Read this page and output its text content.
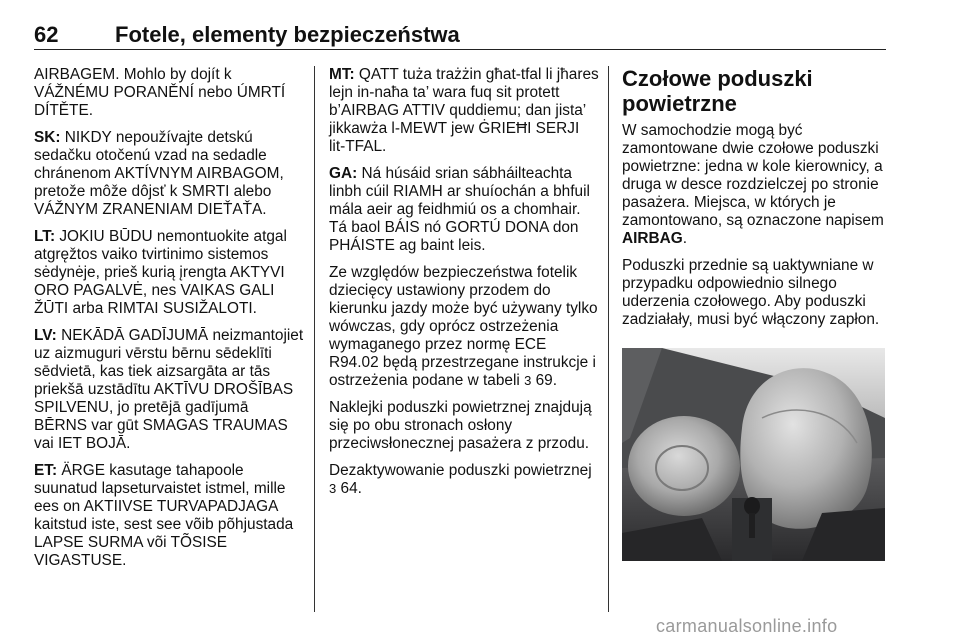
62	Fotele, elementy bezpieczeństwa

AIRBAGEM. Mohlo by dojít k VÁŽNÉMU PORANĚNÍ nebo ÚMRTÍ DÍTĚTE.

SK: NIKDY nepoužívajte detskú sedačku otočenú vzad na sedadle chránenom AKTÍVNYM AIRBAGOM, pretože môže dôjsť k SMRTI alebo VÁŽNYM ZRANENIAM DIEŤAŤA.

LT: JOKIU BŪDU nemontuokite atgal atgręžtos vaiko tvirtinimo sistemos sėdynėje, prieš kurią įrengta AKTYVI ORO PAGALVĖ, nes VAIKAS GALI ŽŪTI arba RIMTAI SUSIŽALOTI.

LV: NEKĀDĀ GADĪJUMĀ neizmantojiet uz aizmuguri vērstu bērnu sēdeklīti sēdvietā, kas tiek aizsargāta ar tās priekšā uzstādītu AKTĪVU DROŠĪBAS SPILVENU, jo pretējā gadījumā BĒRNS var gūt SMAGAS TRAUMAS vai IET BOJĀ.

ET: ÄRGE kasutage tahapoole suunatud lapseturvaistet istmel, mille ees on AKTIIVSE TURVAPADJAGA kaitstud iste, sest see võib põhjustada LAPSE SURMA või TÕSISE VIGASTUSE.

MT: QATT tuża trażżin għat-tfal li jħares lejn in-naħa ta’ wara fuq sit protett b’AIRBAG ATTIV quddiemu; dan jista’ jikkawża l-MEWT jew ĠRIEĦI SERJI lit-TFAL.

GA: Ná húsáid srian sábháilteachta linbh cúil RIAMH ar shuíochán a bhfuil mála aeir ag feidhmiú os a chomhair. Tá baol BÁIS nó GORTÚ DONA don PHÁISTE ag baint leis.

Ze względów bezpieczeństwa fotelik dziecięcy ustawiony przodem do kierunku jazdy może być używany tylko wówczas, gdy oprócz ostrzeżenia wymaganego przez normę ECE R94.02 będą przestrzegane instrukcje i ostrzeżenia podane w tabeli 3 69.

Naklejki poduszki powietrznej znajdują się po obu stronach osłony przeciwsłonecznej pasażera z przodu.

Dezaktywowanie poduszki powietrznej 3 64.

Czołowe poduszki powietrzne

W samochodzie mogą być zamontowane dwie czołowe poduszki powietrzne: jedna w kole kierownicy, a druga w desce rozdzielczej po stronie pasażera. Miejsca, w których je zamontowano, są oznaczone napisem AIRBAG.

Poduszki przednie są uaktywniane w przypadku odpowiednio silnego uderzenia czołowego. Aby poduszki zadziałały, musi być włączony zapłon.

carmanualsonline.info
